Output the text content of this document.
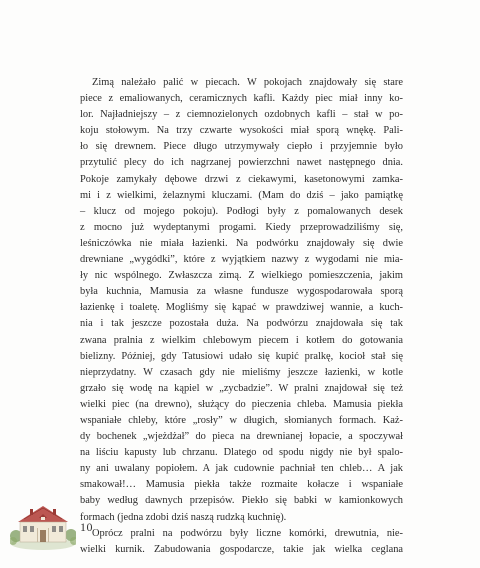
Zimą należało palić w piecach. W pokojach znajdowały się stare
piece z emaliowanych, ceramicznych kafli. Każdy piec miał inny ko-
lor. Najładniejszy – z ciemnozielonych ozdobnych kafli – stał w po-
koju stołowym. Na trzy czwarte wysokości miał sporą wnękę. Pali-
ło się drewnem. Piece długo utrzymywały ciepło i przyjemnie było
przytulić plecy do ich nagrzanej powierzchni nawet następnego dnia.
Pokoje zamykały dębowe drzwi z ciekawymi, kasetonowymi zamka-
mi i z wielkimi, żelaznymi kluczami. (Mam do dziś – jako pamiątkę
– klucz od mojego pokoju). Podłogi były z pomalowanych desek
z mocno już wydeptanymi progami. Kiedy przeprowadziliśmy się,
leśniczówka nie miała łazienki. Na podwórku znajdowały się dwie
drewniane „wygódki”, które z wyjątkiem nazwy z wygodami nie mia-
ły nic wspólnego. Zwłaszcza zimą. Z wielkiego pomieszczenia, jakim
była kuchnia, Mamusia za własne fundusze wygospodarowała sporą
łazienkę i toaletę. Mogliśmy się kąpać w prawdziwej wannie, a kuch-
nia i tak jeszcze pozostała duża. Na podwórzu znajdowała się tak
zwana pralnia z wielkim chlebowym piecem i kotłem do gotowania
bielizny. Później, gdy Tatusiowi udało się kupić pralkę, kocioł stał się
nieprzydatny. W czasach gdy nie mieliśmy jeszcze łazienki, w kotle
grzało się wodę na kąpiel w „zycbadzie”. W pralni znajdował się też
wielki piec (na drewno), służący do pieczenia chleba. Mamusia piekła
wspaniałe chleby, które „rosły” w długich, słomianych formach. Każ-
dy bochenek „wjeżdżał” do pieca na drewnianej łopacie, a spoczywał
na liściu kapusty lub chrzanu. Dlatego od spodu nigdy nie był spalo-
ny ani uwalany popiołem. A jak cudownie pachniał ten chleb… A jak
smakował!… Mamusia piekła także rozmaite kołacze i wspaniałe
baby według dawnych przepisów. Piekło się babki w kamionkowych
formach (jedna zdobi dziś naszą rudzką kuchnię).
Oprócz pralni na podwórzu były liczne komórki, drewutnia, nie-
wielki kurnik. Zabudowania gospodarcze, takie jak wielka ceglana
10
